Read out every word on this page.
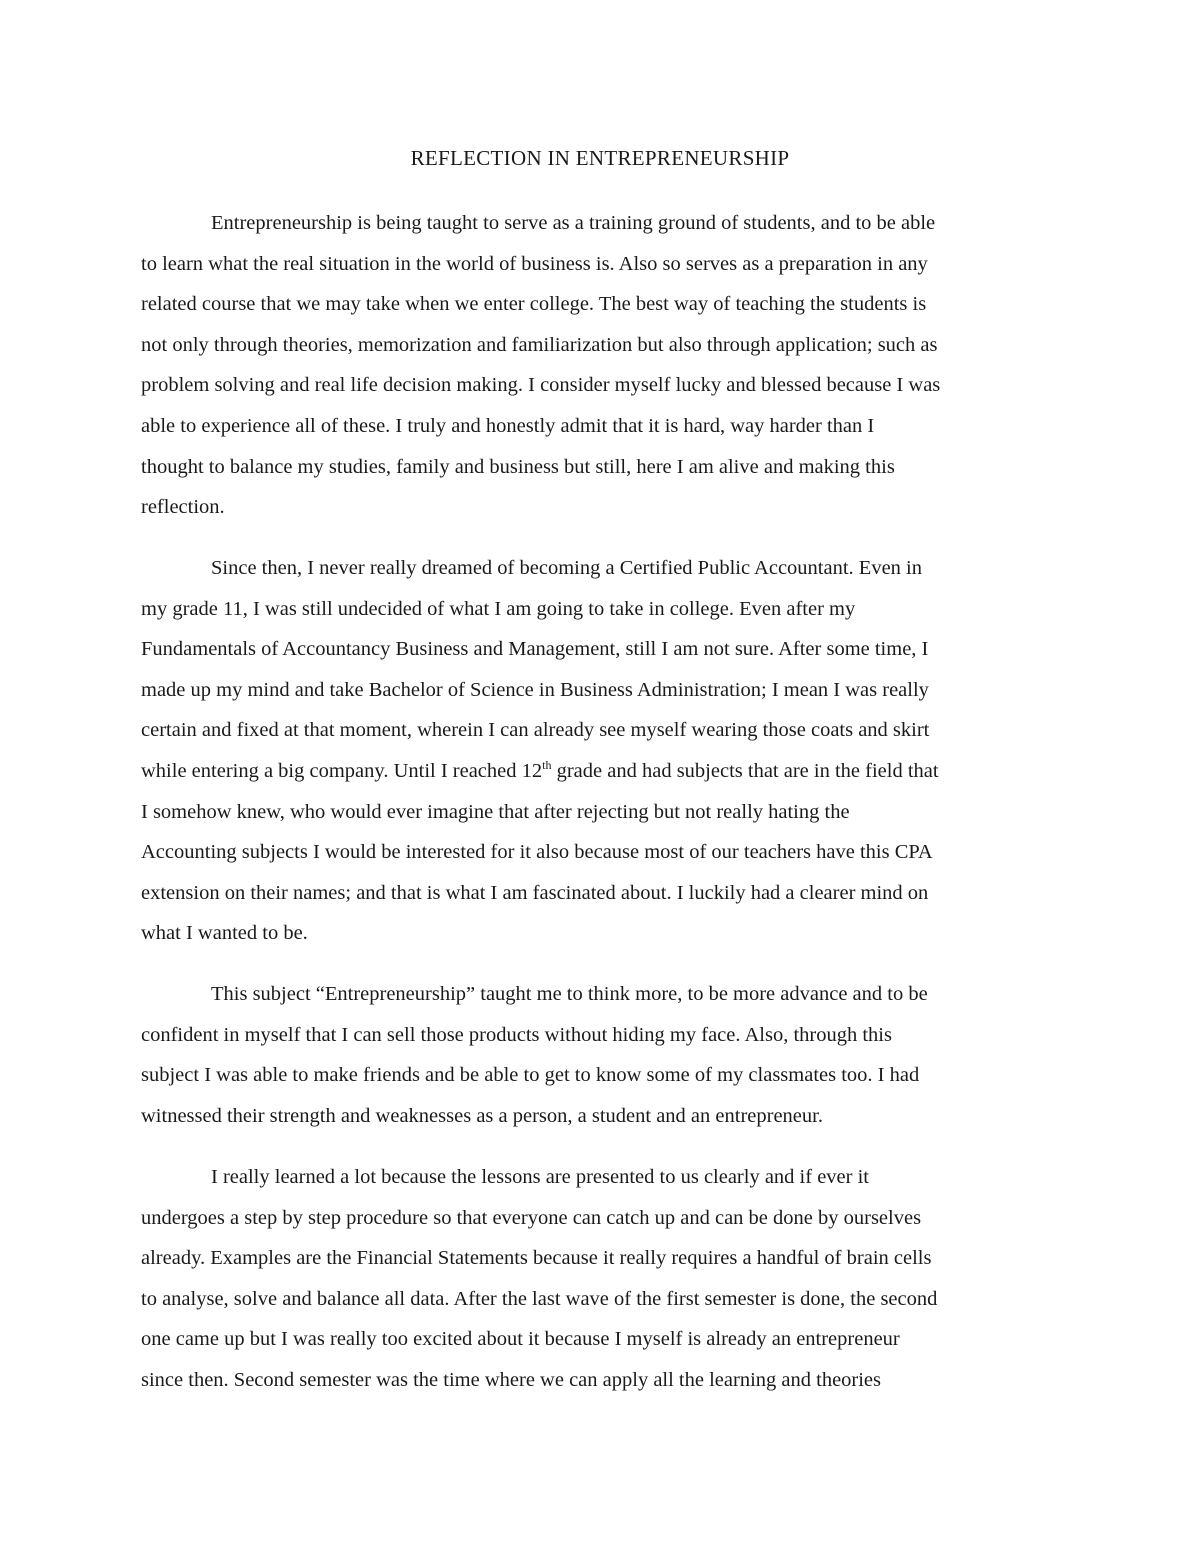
REFLECTION IN ENTREPRENEURSHIP
Entrepreneurship is being taught to serve as a training ground of students, and to be able
to learn what the real situation in the world of business is. Also so serves as a preparation in any
related course that we may take when we enter college. The best way of teaching the students is
not only through theories, memorization and familiarization but also through application; such as
problem solving and real life decision making. I consider myself lucky and blessed because I was
able to experience all of these. I truly and honestly admit that it is hard, way harder than I
thought to balance my studies, family and business but still, here I am alive and making this
reflection.
Since then, I never really dreamed of becoming a Certified Public Accountant. Even in
my grade 11, I was still undecided of what I am going to take in college. Even after my
Fundamentals of Accountancy Business and Management, still I am not sure. After some time, I
made up my mind and take Bachelor of Science in Business Administration; I mean I was really
certain and fixed at that moment, wherein I can already see myself wearing those coats and skirt
while entering a big company. Until I reached 12th grade and had subjects that are in the field that
I somehow knew, who would ever imagine that after rejecting but not really hating the
Accounting subjects I would be interested for it also because most of our teachers have this CPA
extension on their names; and that is what I am fascinated about. I luckily had a clearer mind on
what I wanted to be.
This subject “Entrepreneurship” taught me to think more, to be more advance and to be
confident in myself that I can sell those products without hiding my face. Also, through this
subject I was able to make friends and be able to get to know some of my classmates too. I had
witnessed their strength and weaknesses as a person, a student and an entrepreneur.
I really learned a lot because the lessons are presented to us clearly and if ever it
undergoes a step by step procedure so that everyone can catch up and can be done by ourselves
already. Examples are the Financial Statements because it really requires a handful of brain cells
to analyse, solve and balance all data. After the last wave of the first semester is done, the second
one came up but I was really too excited about it because I myself is already an entrepreneur
since then. Second semester was the time where we can apply all the learning and theories
